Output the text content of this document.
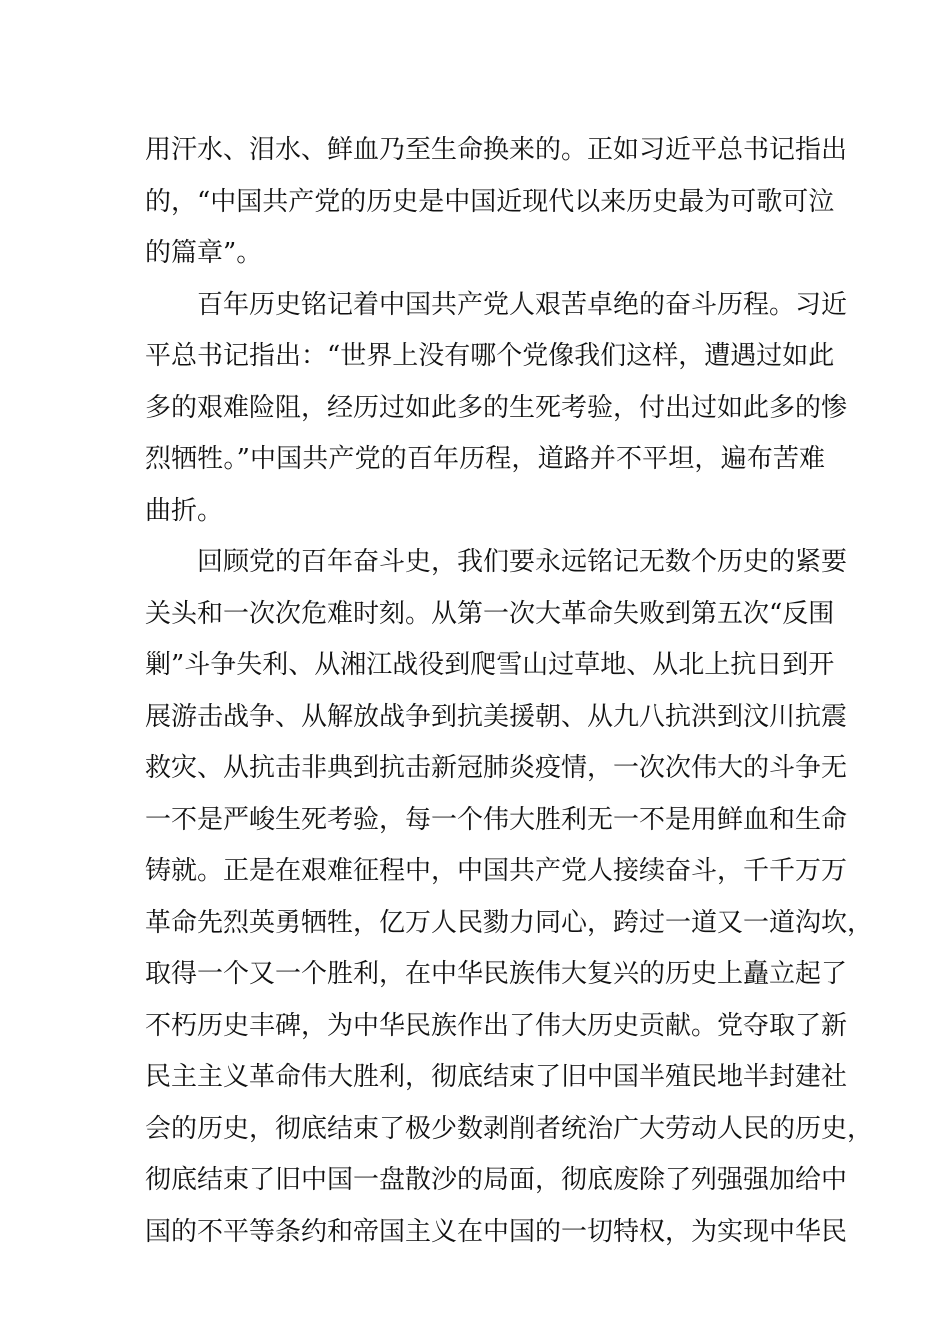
用汗水、泪水、鲜血乃至生命换来的。正如习近平总书记指出
的，“中国共产党的历史是中国近现代以来历史最为可歌可泣
的篇章”。
百年历史铭记着中国共产党人艰苦卓绝的奋斗历程。习近
平总书记指出：“世界上没有哪个党像我们这样，遭遇过如此
多的艰难险阻，经历过如此多的生死考验，付出过如此多的惨
烈牺牲。”中国共产党的百年历程，道路并不平坦，遍布苦难
曲折。
回顾党的百年奋斗史，我们要永远铭记无数个历史的紧要
关头和一次次危难时刻。从第一次大革命失败到第五次“反围
剿”斗争失利、从湘江战役到爬雪山过草地、从北上抗日到开
展游击战争、从解放战争到抗美援朝、从九八抗洪到汶川抗震
救灾、从抗击非典到抗击新冠肺炎疫情，一次次伟大的斗争无
一不是严峻生死考验，每一个伟大胜利无一不是用鲜血和生命
铸就。正是在艰难征程中，中国共产党人接续奋斗，千千万万
革命先烈英勇牺牲，亿万人民勠力同心，跨过一道又一道沟坎，
取得一个又一个胜利，在中华民族伟大复兴的历史上矗立起了
不朽历史丰碑，为中华民族作出了伟大历史贡献。党夺取了新
民主主义革命伟大胜利，彻底结束了旧中国半殖民地半封建社
会的历史，彻底结束了极少数剥削者统治广大劳动人民的历史，
彻底结束了旧中国一盘散沙的局面，彻底废除了列强强加给中
国的不平等条约和帝国主义在中国的一切特权，为实现中华民
